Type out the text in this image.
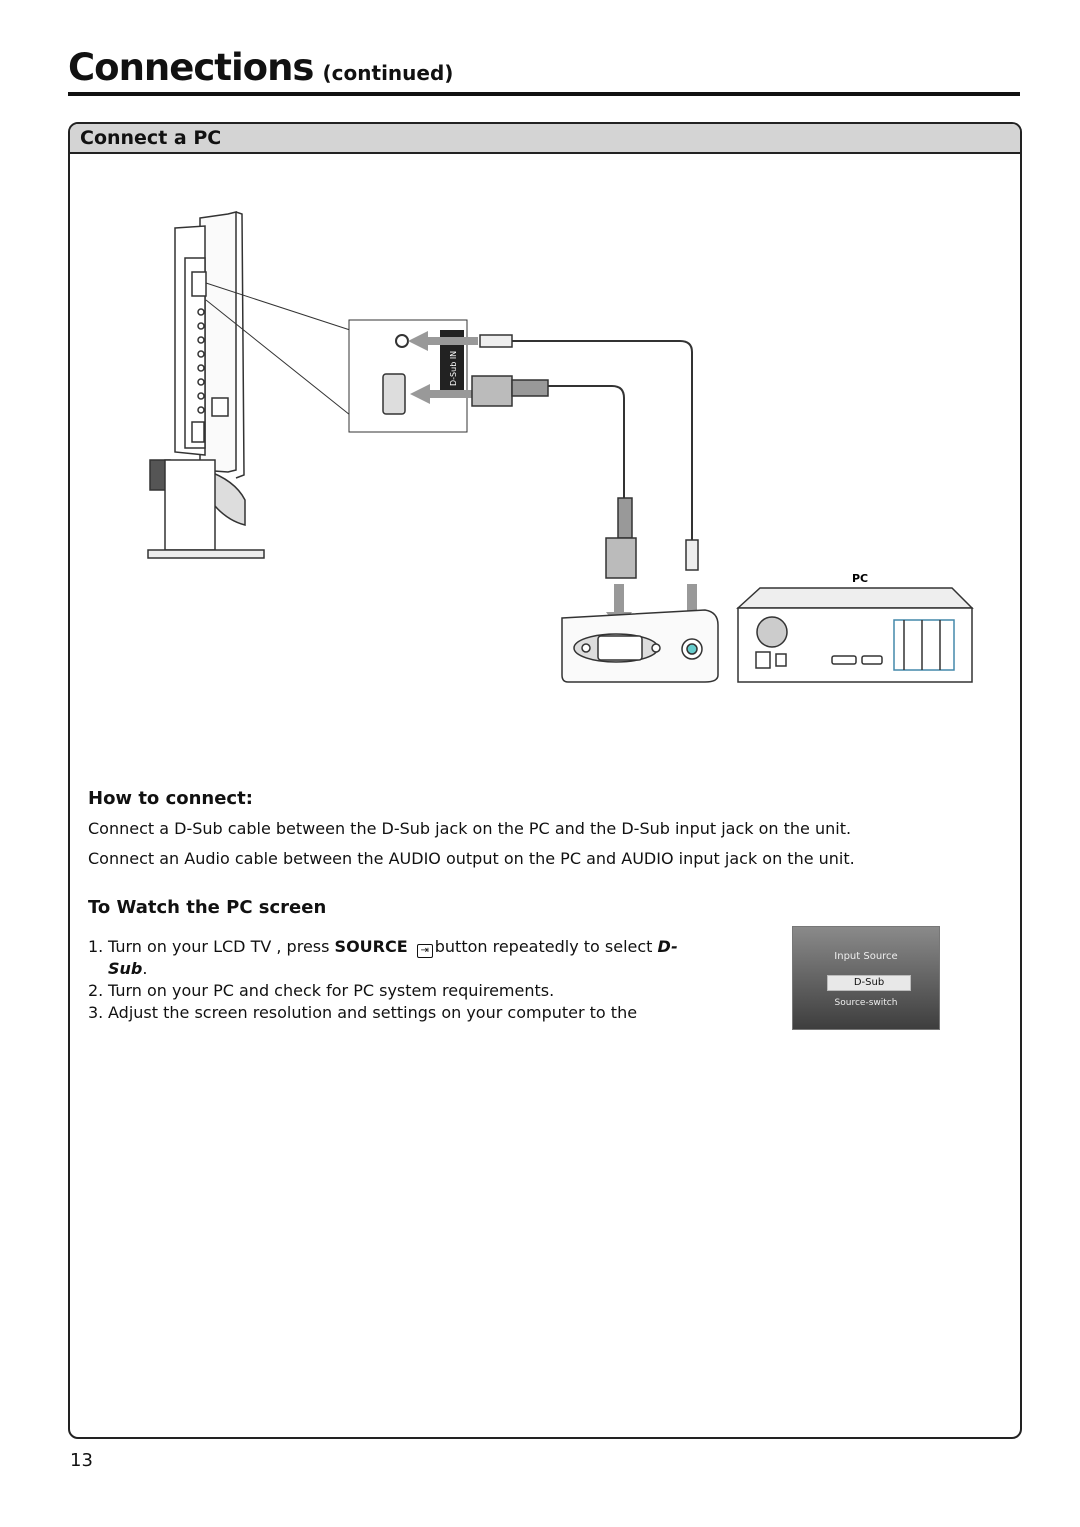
Connections (continued)
Connect a PC
D-Sub IN
PC
How to connect:
Connect a D-Sub cable between the D-Sub jack on the PC and the D-Sub input jack on the unit.
Connect an Audio cable between the AUDIO output on the PC and AUDIO input jack on the unit.
To Watch the PC screen
1. Turn on your LCD TV , press SOURCE ⇥ button repeatedly to select D-
Sub.
2. Turn on your PC and check for PC system requirements.
3. Adjust the screen resolution and settings on your computer to the
Input Source
D-Sub
Source-switch
13
